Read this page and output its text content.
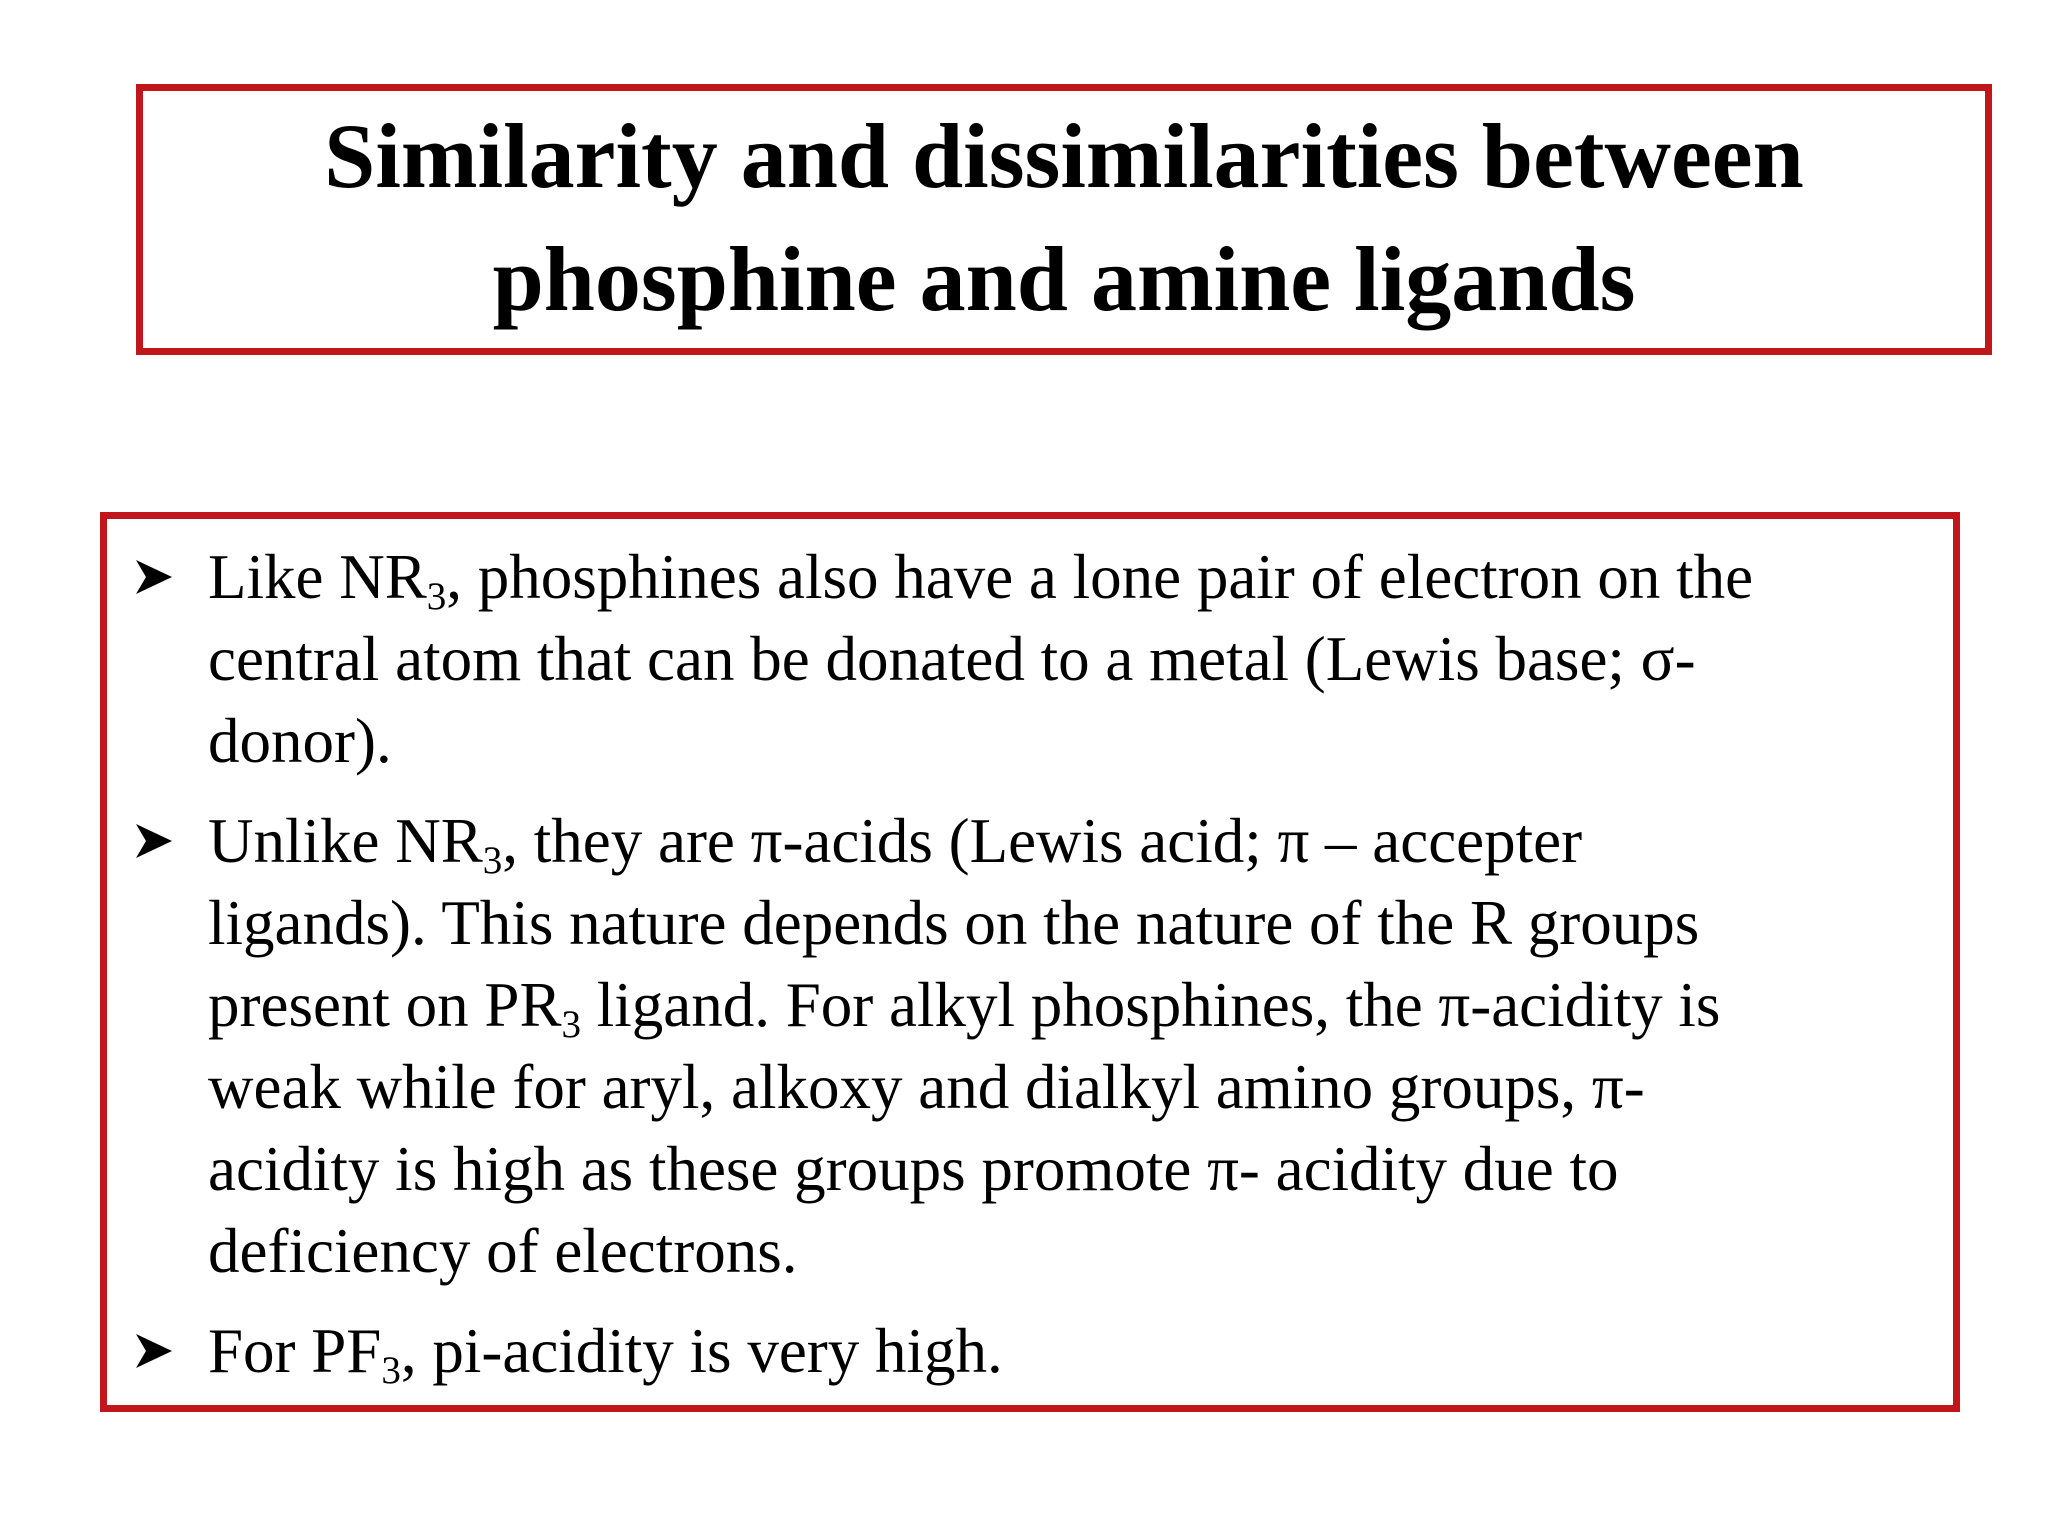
Similarity and dissimilarities between
phosphine and amine ligands
Like $NR_3$, phosphines also have a lone pair of electron on the
central atom that can be donated to a metal (Lewis base; σ-
donor).
Unlike $NR_3$, they are π-acids (Lewis acid; π – accepter
ligands). This nature depends on the nature of the R groups
present on $PR_3$ ligand. For alkyl phosphines, the π-acidity is
weak while for aryl, alkoxy and dialkyl amino groups, π-
acidity is high as these groups promote π- acidity due to
deficiency of electrons.
For $PF_3$, pi-acidity is very high.
